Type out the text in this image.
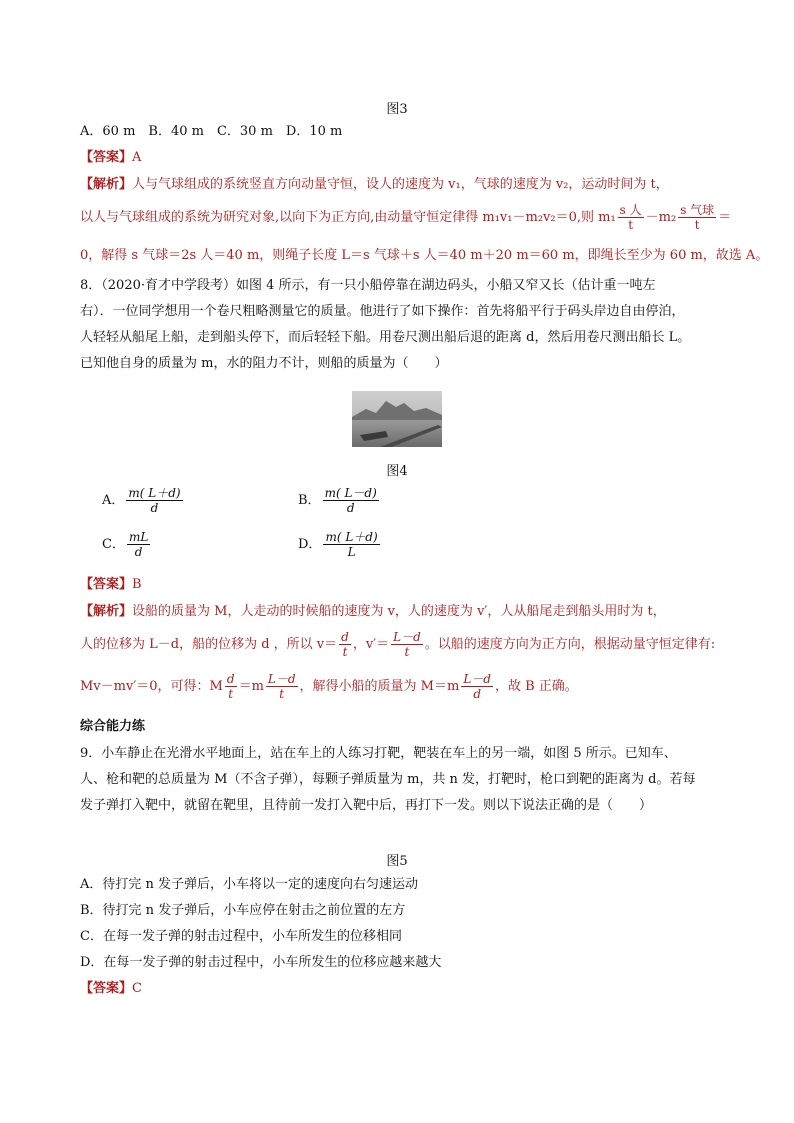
图3
A．60 m　B．40 m　C．30 m　D．10 m
【答案】A
【解析】人与气球组成的系统竖直方向动量守恒，设人的速度为 v₁，气球的速度为 v₂，运动时间为 t，
以人与气球组成的系统为研究对象,以向下为正方向,由动量守恒定律得 m₁v₁－m₂v₂＝0,则 $m_1 \frac{\text{s 人}}{t} -m_2 \frac{\text{s 气球}}{t}$ ＝
0，解得 s 气球＝2s 人＝40 m，则绳子长度 L＝s 气球＋s 人＝40 m＋20 m＝60 m，即绳长至少为 60 m，故选 A。
8．（2020·育才中学段考）如图 4 所示，有一只小船停靠在湖边码头，小船又窄又长（估计重一吨左
右）．一位同学想用一个卷尺粗略测量它的质量。他进行了如下操作：首先将船平行于码头岸边自由停泊，
人轻轻从船尾上船，走到船头停下，而后轻轻下船。用卷尺测出船后退的距离 d，然后用卷尺测出船长 L。
已知他自身的质量为 m，水的阻力不计，则船的质量为（　　）
图4
A． $\frac{m( L+d)}{d}$	B． $\frac{m( L-d)}{d}$
C． $\frac{mL}{d}$	D． $\frac{m( L+d)}{L}$
【答案】B
【解析】设船的质量为 M，人走动的时候船的速度为 v，人的速度为 v′，人从船尾走到船头用时为 t，
人的位移为 L－d，船的位移为 d ，所以 $v= \frac{d}{t}$ ，$v'= \frac{L-d}{t}$ 。以船的速度方向为正方向，根据动量守恒定律有:
Mv－mv′＝0，可得：M $\frac{d}{t} =m \frac{L-d}{t}$ ，解得小船的质量为 $M=m \frac{L-d}{d}$ ，故 B 正确。
综合能力练
9．小车静止在光滑水平地面上，站在车上的人练习打靶，靶装在车上的另一端，如图 5 所示。已知车、
人、枪和靶的总质量为 M（不含子弹），每颗子弹质量为 m，共 n 发，打靶时，枪口到靶的距离为 d。若每
发子弹打入靶中，就留在靶里，且待前一发打入靶中后，再打下一发。则以下说法正确的是（　　）
图5
A．待打完 n 发子弹后，小车将以一定的速度向右匀速运动
B．待打完 n 发子弹后，小车应停在射击之前位置的左方
C．在每一发子弹的射击过程中，小车所发生的位移相同
D．在每一发子弹的射击过程中，小车所发生的位移应越来越大
【答案】C
